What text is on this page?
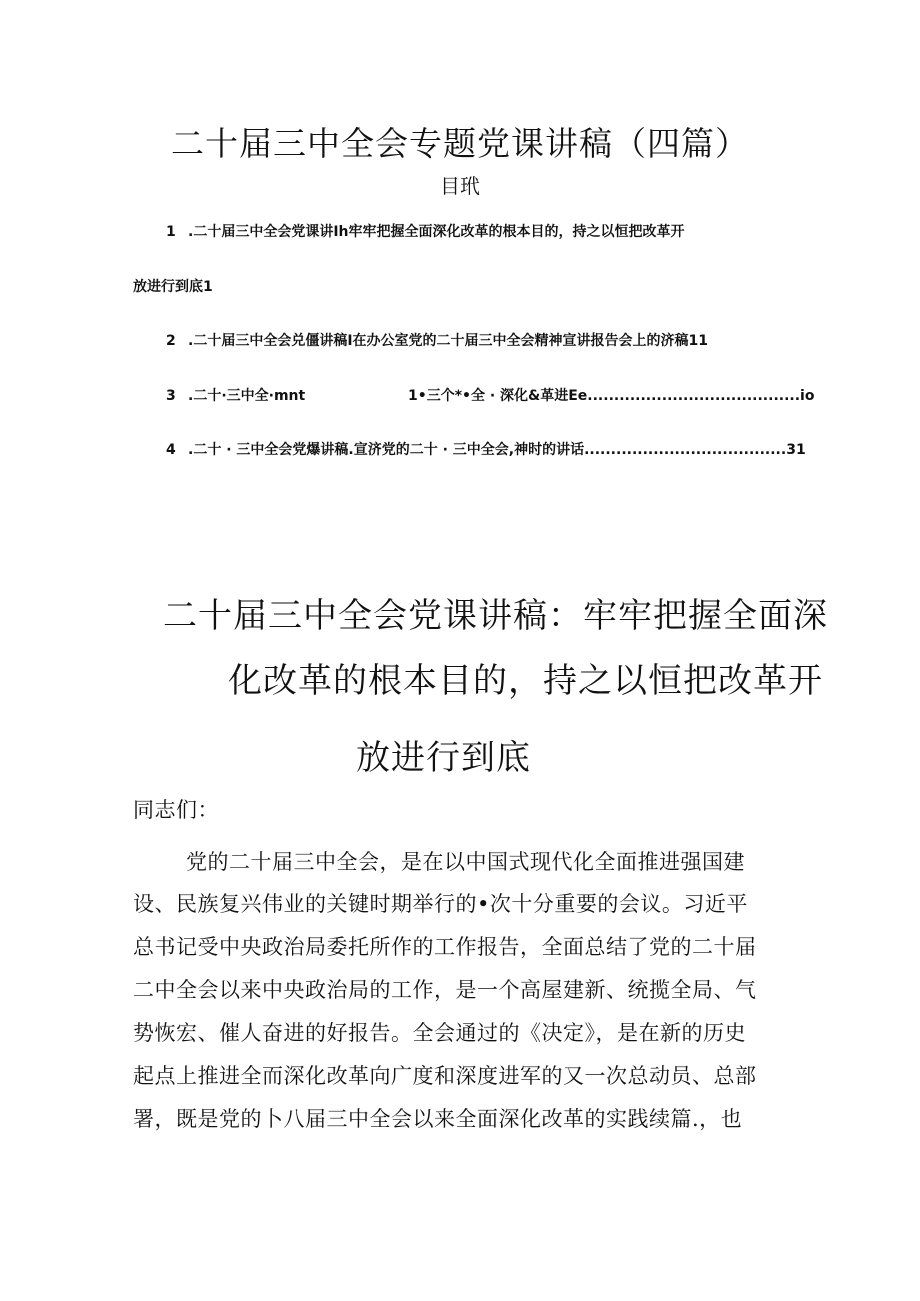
二十届三中全会专题党课讲稿（四篇）
目玳
1 .二十届三中全会党课讲Ih牢牢把握全面深化改革的根本目的，持之以恒把改革开
放进行到底1
2 .二十届三中全会兑僵讲稿I在办公室党的二十届三中全会精神宣讲报告会上的济稿11
3 .二十·三中全·mnt	1•三个*•全 · 深化&革进Ee........................................io
4 .二十 · 三中全会党爆讲稿.宣济党的二十 · 三中全会,神时的讲话......................................31
二十届三中全会党课讲稿：牢牢把握全面深
化改革的根本目的，持之以恒把改革开
放进行到底
同志们：
党的二十届三中全会，是在以中国式现代化全面推进强国建
设、民族复兴伟业的关键时期举行的•次十分重要的会议。习近平
总书记受中央政治局委托所作的工作报告，全面总结了党的二十届
二中全会以来中央政治局的工作，是一个高屋建新、统揽全局、气
势恢宏、催人奋进的好报告。全会通过的《决定》，是在新的历史
起点上推进全而深化改革向广度和深度进军的又一次总动员、总部
署，既是党的卜八届三中全会以来全面深化改革的实践续篇.，也
